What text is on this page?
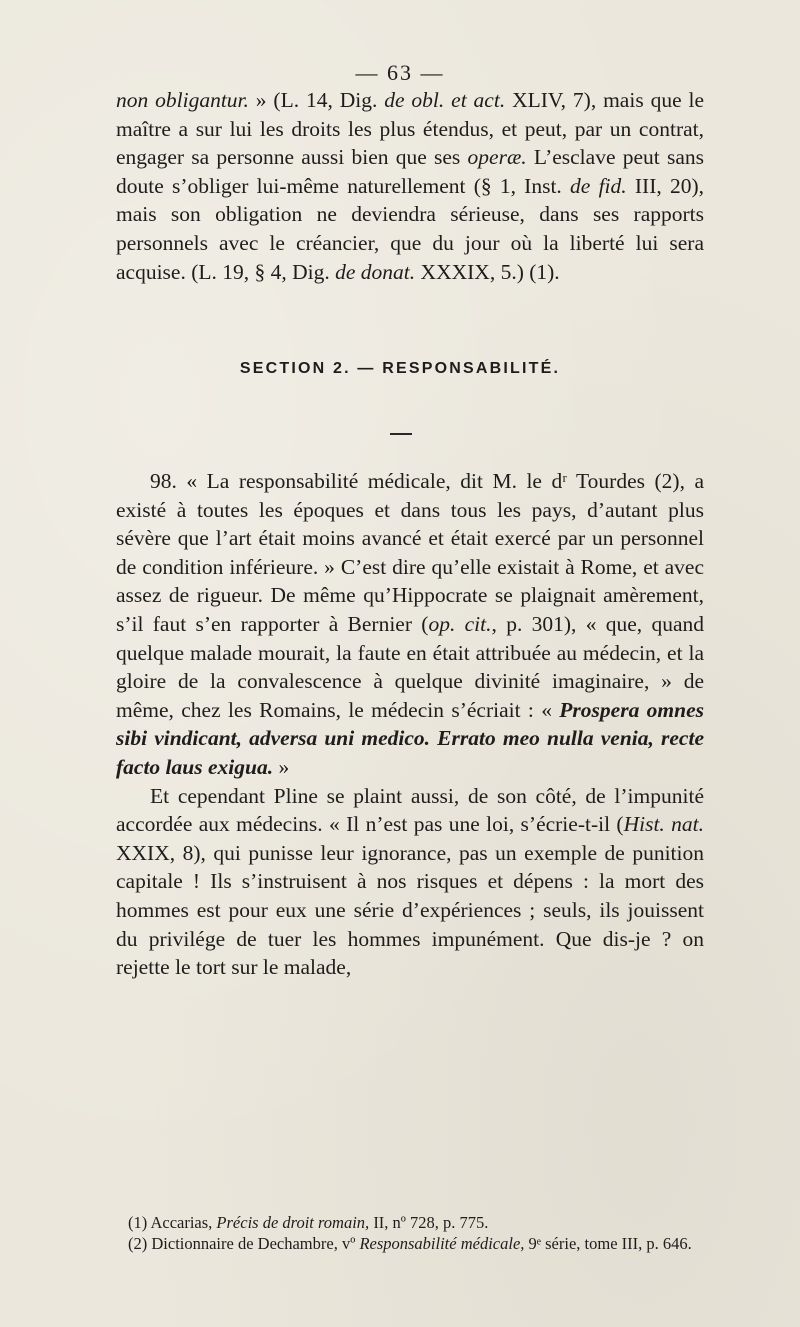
— 63 —

non obligantur. » (L. 14, Dig. de obl. et act. XLIV, 7), mais que le maître a sur lui les droits les plus étendus, et peut, par un contrat, engager sa personne aussi bien que ses operæ. L’esclave peut sans doute s’obliger lui-même naturellement (§ 1, Inst. de fid. III, 20), mais son obligation ne deviendra sérieuse, dans ses rapports personnels avec le créancier, que du jour où la liberté lui sera acquise. (L. 19, § 4, Dig. de donat. XXXIX, 5.) (1).

SECTION 2. — RESPONSABILITÉ.

98. « La responsabilité médicale, dit M. le dʳ Tourdes (2), a existé à toutes les époques et dans tous les pays, d’autant plus sévère que l’art était moins avancé et était exercé par un personnel de condition inférieure. » C’est dire qu’elle existait à Rome, et avec assez de rigueur. De même qu’Hippocrate se plaignait amèrement, s’il faut s’en rapporter à Bernier (op. cit., p. 301), « que, quand quelque malade mourait, la faute en était attribuée au médecin, et la gloire de la convalescence à quelque divinité imaginaire, » de même, chez les Romains, le médecin s’écriait : « Prospera omnes sibi vindicant, adversa uni medico. Errato meo nulla venia, recte facto laus exigua. »

Et cependant Pline se plaint aussi, de son côté, de l’impunité accordée aux médecins. « Il n’est pas une loi, s’écrie-t-il (Hist. nat. XXIX, 8), qui punisse leur ignorance, pas un exemple de punition capitale ! Ils s’instruisent à nos risques et dépens : la mort des hommes est pour eux une série d’expériences ; seuls, ils jouissent du privilége de tuer les hommes impunément. Que dis-je ? on rejette le tort sur le malade,

(1) Accarias, Précis de droit romain, II, nº 728, p. 775.

(2) Dictionnaire de Dechambre, vº Responsabilité médicale, 9ᵉ série, tome III, p. 646.
